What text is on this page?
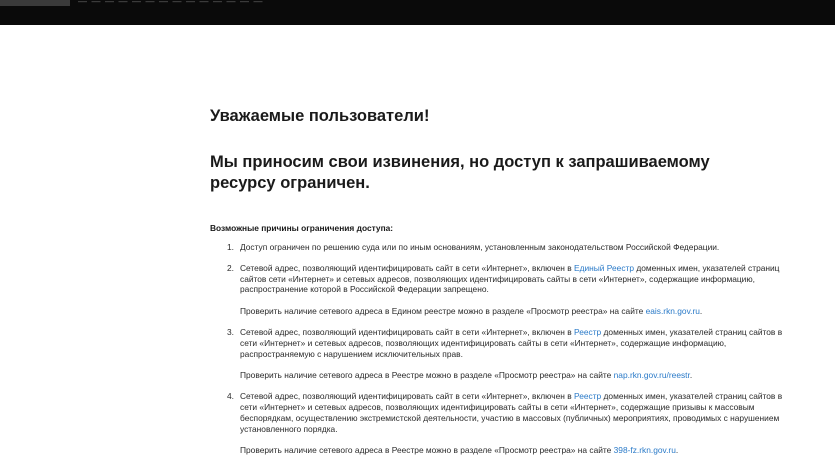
— — — — — — — — — — — — — —
Уважаемые пользователи!
Мы приносим свои извинения, но доступ к запрашиваемому ресурсу ограничен.
Возможные причины ограничения доступа:
1. Доступ ограничен по решению суда или по иным основаниям, установленным законодательством Российской Федерации.
2. Сетевой адрес, позволяющий идентифицировать сайт в сети «Интернет», включен в Единый Реестр доменных имен, указателей страниц сайтов сети «Интернет» и сетевых адресов, позволяющих идентифицировать сайты в сети «Интернет», содержащие информацию, распространение которой в Российской Федерации запрещено.
Проверить наличие сетевого адреса в Едином реестре можно в разделе «Просмотр реестра» на сайте eais.rkn.gov.ru.
3. Сетевой адрес, позволяющий идентифицировать сайт в сети «Интернет», включен в Реестр доменных имен, указателей страниц сайтов в сети «Интернет» и сетевых адресов, позволяющих идентифицировать сайты в сети «Интернет», содержащие информацию, распространяемую с нарушением исключительных прав.
Проверить наличие сетевого адреса в Реестре можно в разделе «Просмотр реестра» на сайте nap.rkn.gov.ru/reestr.
4. Сетевой адрес, позволяющий идентифицировать сайт в сети «Интернет», включен в Реестр доменных имен, указателей страниц сайтов в сети «Интернет» и сетевых адресов, позволяющих идентифицировать сайты в сети «Интернет», содержащие призывы к массовым беспорядкам, осуществлению экстремистской деятельности, участию в массовых (публичных) мероприятиях, проводимых с нарушением установленного порядка.
Проверить наличие сетевого адреса в Реестре можно в разделе «Просмотр реестра» на сайте 398-fz.rkn.gov.ru.
